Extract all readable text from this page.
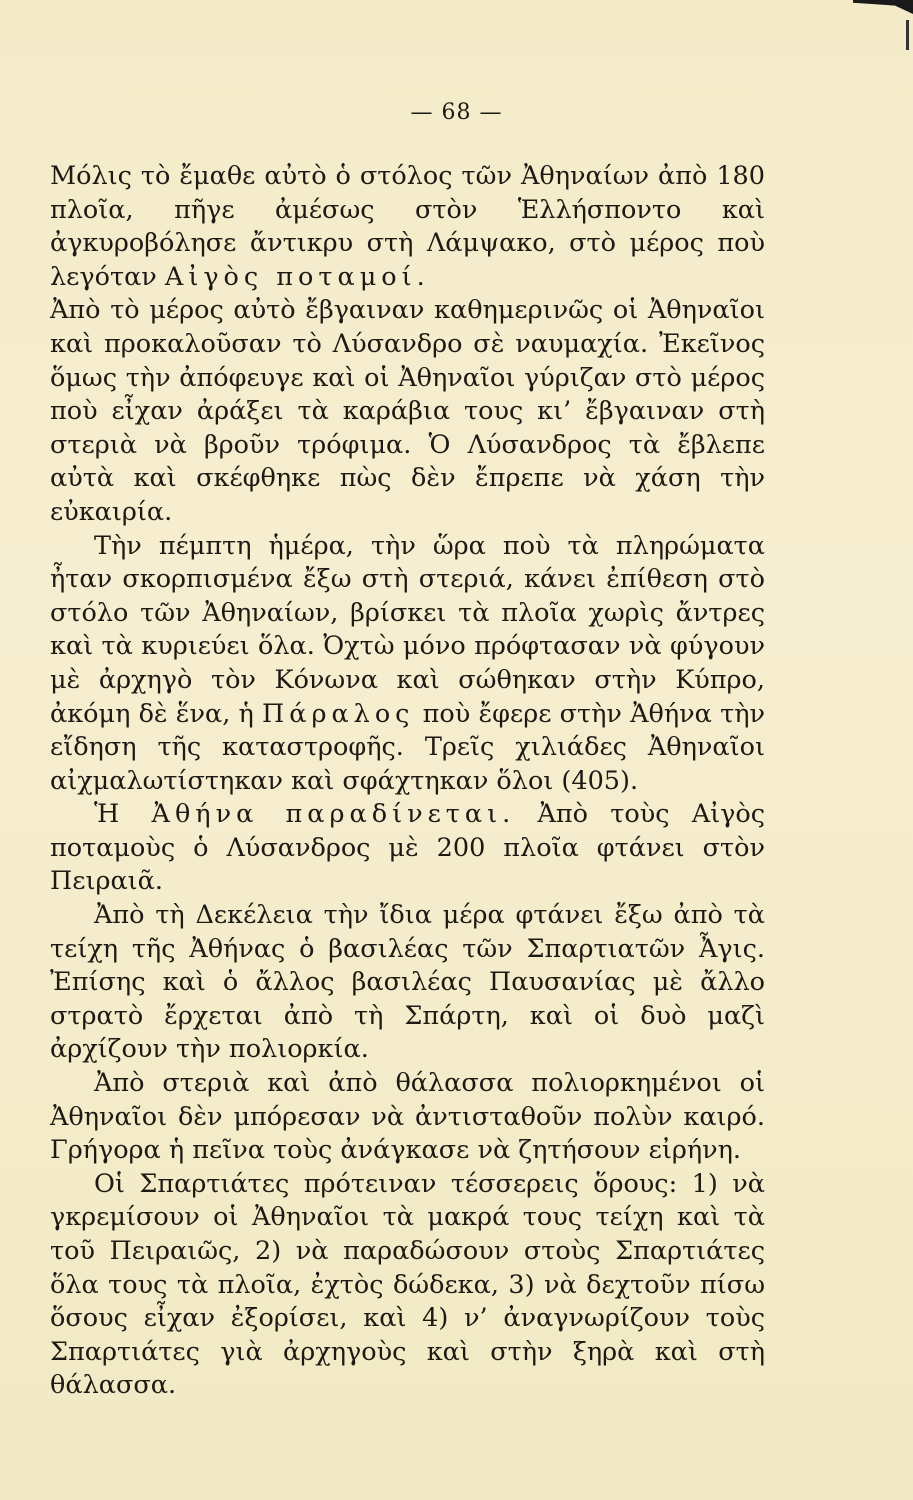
— 68 —

Μόλις τὸ ἔμαθε αὐτὸ ὁ στόλος τῶν Ἀθηναίων ἀπὸ 180 πλοῖα, πῆγε ἀμέσως στὸν Ἑλλήσποντο καὶ ἀγκυροβόλησε ἄντικρυ στὴ Λάμψακο, στὸ μέρος ποὺ λεγόταν Αἰγὸς ποταμοί.

Ἀπὸ τὸ μέρος αὐτὸ ἔβγαιναν καθημερινῶς οἱ Ἀθηναῖοι καὶ προκαλοῦσαν τὸ Λύσανδρο σὲ ναυμαχία. Ἐκεῖνος ὅμως τὴν ἀπόφευγε καὶ οἱ Ἀθηναῖοι γύριζαν στὸ μέρος ποὺ εἶχαν ἀράξει τὰ καράβια τους κι’ ἔβγαιναν στὴ στεριὰ νὰ βροῦν τρόφιμα. Ὁ Λύσανδρος τὰ ἔβλεπε αὐτὰ καὶ σκέφθηκε πὼς δὲν ἔπρεπε νὰ χάση τὴν εὐκαιρία.

Τὴν πέμπτη ἡμέρα, τὴν ὥρα ποὺ τὰ πληρώματα ἦταν σκορπισμένα ἔξω στὴ στεριά, κάνει ἐπίθεση στὸ στόλο τῶν Ἀθηναίων, βρίσκει τὰ πλοῖα χωρὶς ἄντρες καὶ τὰ κυριεύει ὅλα. Ὀχτὼ μόνο πρόφτασαν νὰ φύγουν μὲ ἀρχηγὸ τὸν Κόνωνα καὶ σώθηκαν στὴν Κύπρο, ἀκόμη δὲ ἕνα, ἡ Πάραλος ποὺ ἔφερε στὴν Ἀθήνα τὴν εἴδηση τῆς καταστροφῆς. Τρεῖς χιλιάδες Ἀθηναῖοι αἰχμαλωτίστηκαν καὶ σφάχτηκαν ὅλοι (405).

Ἡ Ἀθήνα παραδίνεται. Ἀπὸ τοὺς Αἰγὸς ποταμοὺς ὁ Λύσανδρος μὲ 200 πλοῖα φτάνει στὸν Πειραιᾶ.

Ἀπὸ τὴ Δεκέλεια τὴν ἴδια μέρα φτάνει ἔξω ἀπὸ τὰ τείχη τῆς Ἀθήνας ὁ βασιλέας τῶν Σπαρτιατῶν Ἆγις. Ἐπίσης καὶ ὁ ἄλλος βασιλέας Παυσανίας μὲ ἄλλο στρατὸ ἔρχεται ἀπὸ τὴ Σπάρτη, καὶ οἱ δυὸ μαζὶ ἀρχίζουν τὴν πολιορκία.

Ἀπὸ στεριὰ καὶ ἀπὸ θάλασσα πολιορκημένοι οἱ Ἀθηναῖοι δὲν μπόρεσαν νὰ ἀντισταθοῦν πολὺν καιρό. Γρήγορα ἡ πεῖνα τοὺς ἀνάγκασε νὰ ζητήσουν εἰρήνη.

Οἱ Σπαρτιάτες πρότειναν τέσσερεις ὅρους: 1) νὰ γκρεμίσουν οἱ Ἀθηναῖοι τὰ μακρά τους τείχη καὶ τὰ τοῦ Πειραιῶς, 2) νὰ παραδώσουν στοὺς Σπαρτιάτες ὅλα τους τὰ πλοῖα, ἐχτὸς δώδεκα, 3) νὰ δεχτοῦν πίσω ὅσους εἶχαν ἐξορίσει, καὶ 4) ν’ ἀναγνωρίζουν τοὺς Σπαρτιάτες γιὰ ἀρχηγοὺς καὶ στὴν ξηρὰ καὶ στὴ θάλασσα.
